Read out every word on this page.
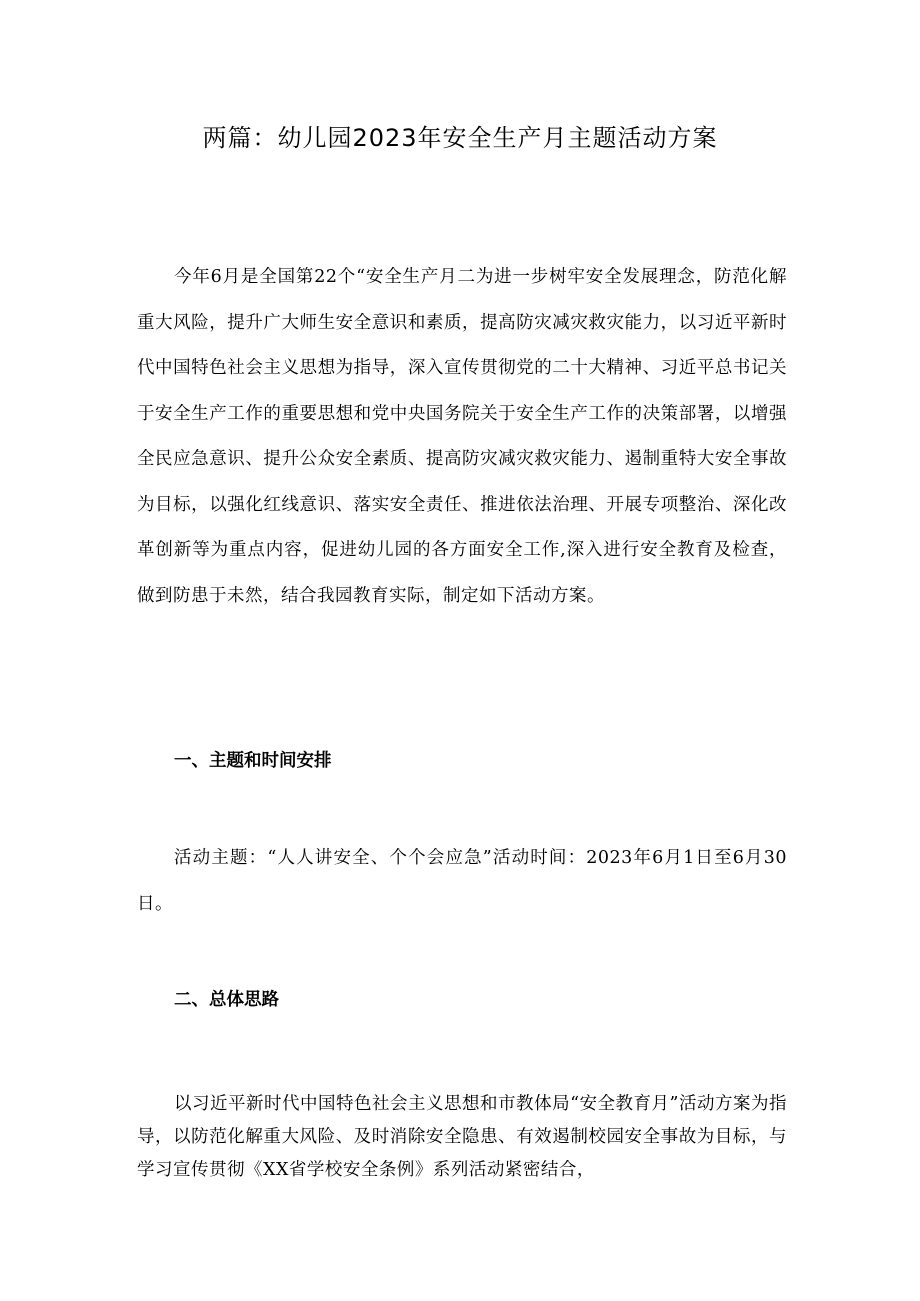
两篇：幼儿园2023年安全生产月主题活动方案

今年6月是全国第22个“安全生产月二为进一步树牢安全发展理念，防范化解重大风险，提升广大师生安全意识和素质，提高防灾减灾救灾能力，以习近平新时代中国特色社会主义思想为指导，深入宣传贯彻党的二十大精神、习近平总书记关于安全生产工作的重要思想和党中央国务院关于安全生产工作的决策部署，以增强全民应急意识、提升公众安全素质、提高防灾减灾救灾能力、遏制重特大安全事故为目标，以强化红线意识、落实安全责任、推进依法治理、开展专项整治、深化改革创新等为重点内容，促进幼儿园的各方面安全工作,深入进行安全教育及检查，做到防患于未然，结合我园教育实际，制定如下活动方案。

一、主题和时间安排

活动主题：“人人讲安全、个个会应急”活动时间：2023年6月1日至6月30日。

二、总体思路

以习近平新时代中国特色社会主义思想和市教体局“安全教育月”活动方案为指导，以防范化解重大风险、及时消除安全隐患、有效遏制校园安全事故为目标，与学习宣传贯彻《XX省学校安全条例》系列活动紧密结合，
